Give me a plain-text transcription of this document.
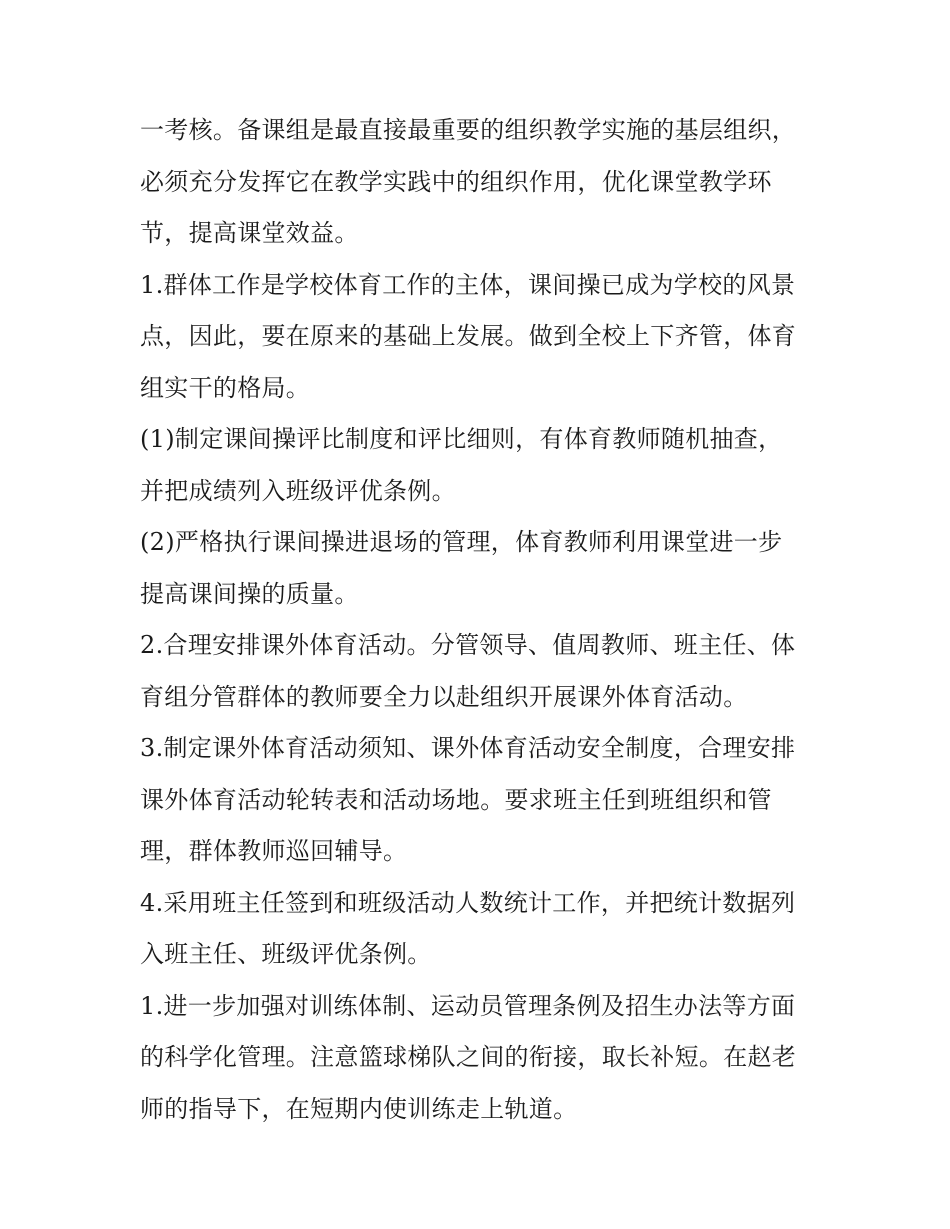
一考核。备课组是最直接最重要的组织教学实施的基层组织，
必须充分发挥它在教学实践中的组织作用，优化课堂教学环
节，提高课堂效益。
1.群体工作是学校体育工作的主体，课间操已成为学校的风景
点，因此，要在原来的基础上发展。做到全校上下齐管，体育
组实干的格局。
(1)制定课间操评比制度和评比细则，有体育教师随机抽查，
并把成绩列入班级评优条例。
(2)严格执行课间操进退场的管理，体育教师利用课堂进一步
提高课间操的质量。
2.合理安排课外体育活动。分管领导、值周教师、班主任、体
育组分管群体的教师要全力以赴组织开展课外体育活动。
3.制定课外体育活动须知、课外体育活动安全制度，合理安排
课外体育活动轮转表和活动场地。要求班主任到班组织和管
理，群体教师巡回辅导。
4.采用班主任签到和班级活动人数统计工作，并把统计数据列
入班主任、班级评优条例。
1.进一步加强对训练体制、运动员管理条例及招生办法等方面
的科学化管理。注意篮球梯队之间的衔接，取长补短。在赵老
师的指导下，在短期内使训练走上轨道。
